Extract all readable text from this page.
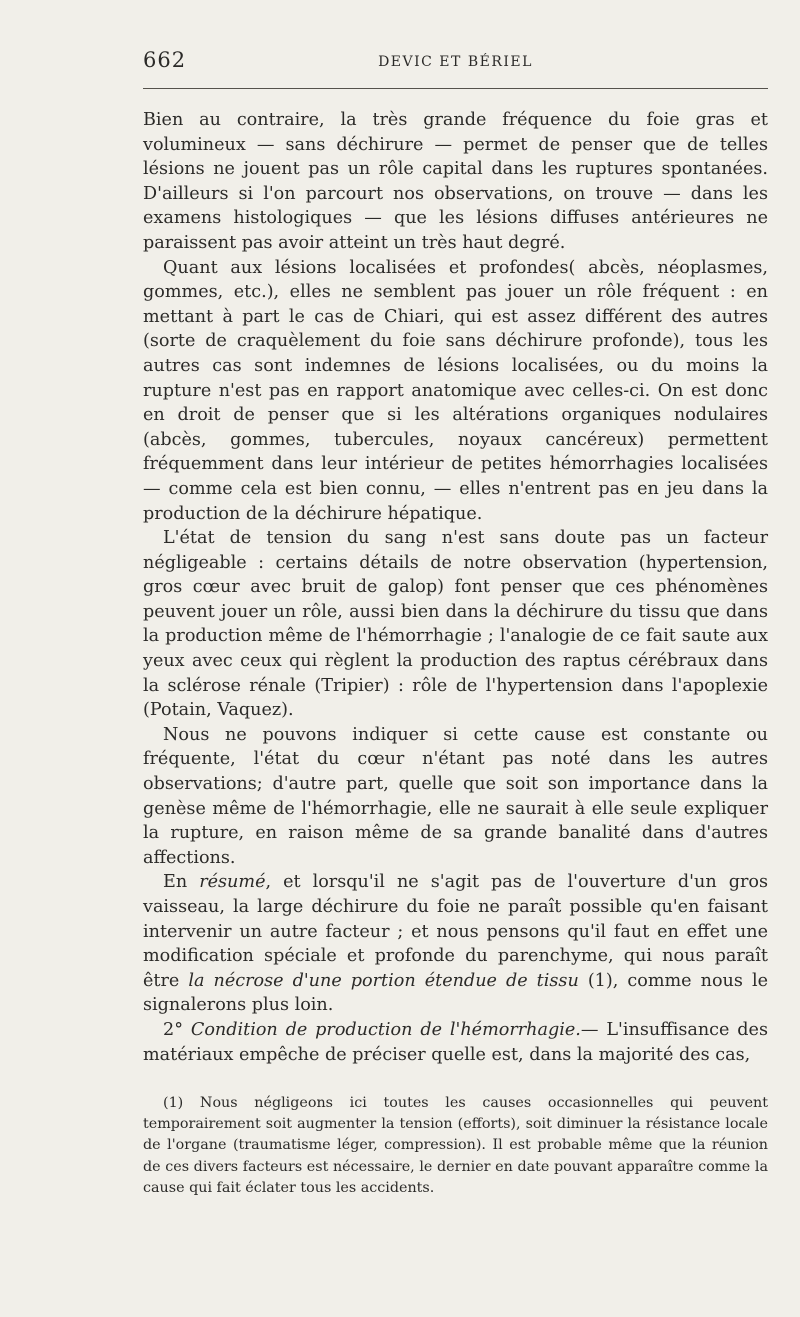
662	DEVIC ET BÉRIEL

Bien au contraire, la très grande fréquence du foie gras et volumineux — sans déchirure — permet de penser que de telles lésions ne jouent pas un rôle capital dans les ruptures spontanées. D'ailleurs si l'on parcourt nos observations, on trouve — dans les examens histologiques — que les lésions diffuses antérieures ne paraissent pas avoir atteint un très haut degré.

Quant aux lésions localisées et profondes( abcès, néoplasmes, gommes, etc.), elles ne semblent pas jouer un rôle fréquent : en mettant à part le cas de Chiari, qui est assez différent des autres (sorte de craquèlement du foie sans déchirure profonde), tous les autres cas sont indemnes de lésions localisées, ou du moins la rupture n'est pas en rapport anatomique avec celles-ci. On est donc en droit de penser que si les altérations organiques nodulaires (abcès, gommes, tubercules, noyaux cancéreux) permettent fréquemment dans leur intérieur de petites hémorrhagies localisées — comme cela est bien connu, — elles n'entrent pas en jeu dans la production de la déchirure hépatique.

L'état de tension du sang n'est sans doute pas un facteur négligeable : certains détails de notre observation (hypertension, gros cœur avec bruit de galop) font penser que ces phénomènes peuvent jouer un rôle, aussi bien dans la déchirure du tissu que dans la production même de l'hémorrhagie ; l'analogie de ce fait saute aux yeux avec ceux qui règlent la production des raptus cérébraux dans la sclérose rénale (Tripier) : rôle de l'hypertension dans l'apoplexie (Potain, Vaquez).

Nous ne pouvons indiquer si cette cause est constante ou fréquente, l'état du cœur n'étant pas noté dans les autres observations; d'autre part, quelle que soit son importance dans la genèse même de l'hémorrhagie, elle ne saurait à elle seule expliquer la rupture, en raison même de sa grande banalité dans d'autres affections.

En résumé, et lorsqu'il ne s'agit pas de l'ouverture d'un gros vaisseau, la large déchirure du foie ne paraît possible qu'en faisant intervenir un autre facteur ; et nous pensons qu'il faut en effet une modification spéciale et profonde du parenchyme, qui nous paraît être la nécrose d'une portion étendue de tissu (1), comme nous le signalerons plus loin.

2° Condition de production de l'hémorrhagie.— L'insuffisance des matériaux empêche de préciser quelle est, dans la majorité des cas,

(1) Nous négligeons ici toutes les causes occasionnelles qui peuvent temporairement soit augmenter la tension (efforts), soit diminuer la résistance locale de l'organe (traumatisme léger, compression). Il est probable même que la réunion de ces divers facteurs est nécessaire, le dernier en date pouvant apparaître comme la cause qui fait éclater tous les accidents.
